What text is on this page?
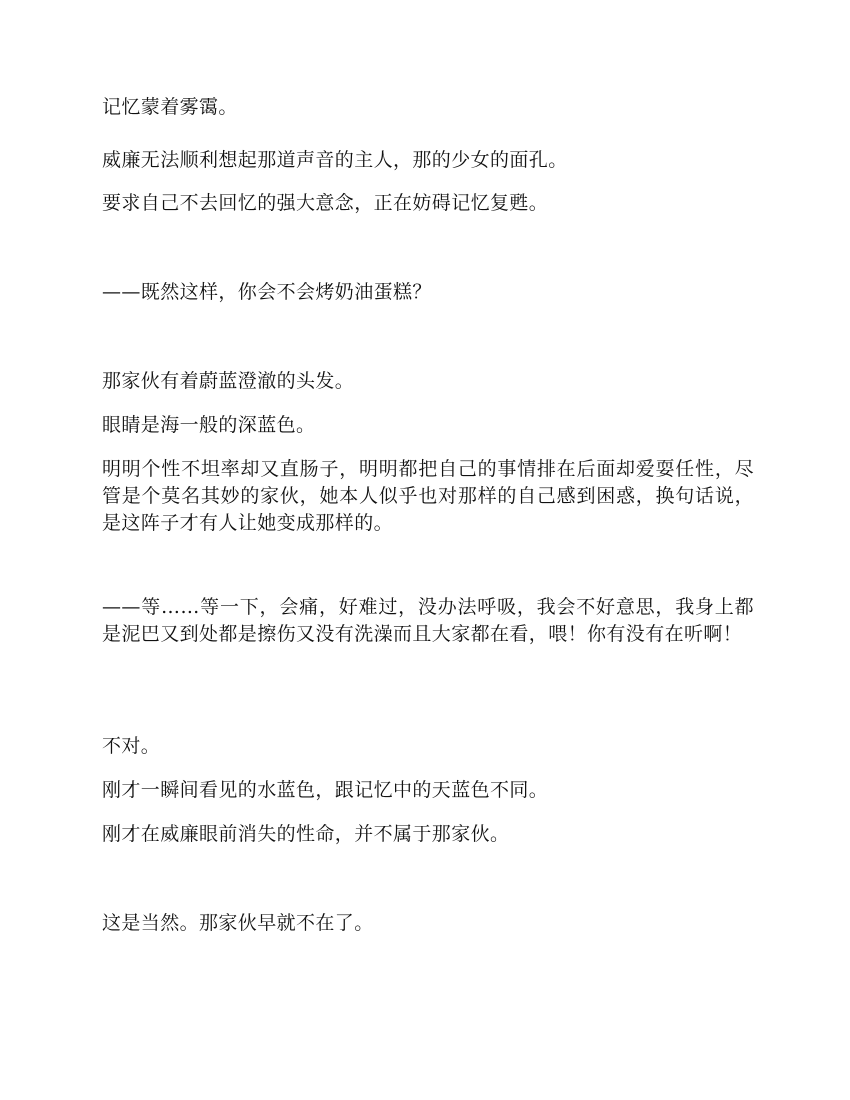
记忆蒙着雾霭。

威廉无法顺利想起那道声音的主人，那的少女的面孔。

要求自己不去回忆的强大意念，正在妨碍记忆复甦。

——既然这样，你会不会烤奶油蛋糕？

那家伙有着蔚蓝澄澈的头发。

眼睛是海一般的深蓝色。

明明个性不坦率却又直肠子，明明都把自己的事情排在后面却爱耍任性，尽管是个莫名其妙的家伙，她本人似乎也对那样的自己感到困惑，换句话说，是这阵子才有人让她变成那样的。

——等……等一下，会痛，好难过，没办法呼吸，我会不好意思，我身上都是泥巴又到处都是擦伤又没有洗澡而且大家都在看，喂！你有没有在听啊！

不对。

刚才一瞬间看见的水蓝色，跟记忆中的天蓝色不同。

刚才在威廉眼前消失的性命，并不属于那家伙。

这是当然。那家伙早就不在了。
